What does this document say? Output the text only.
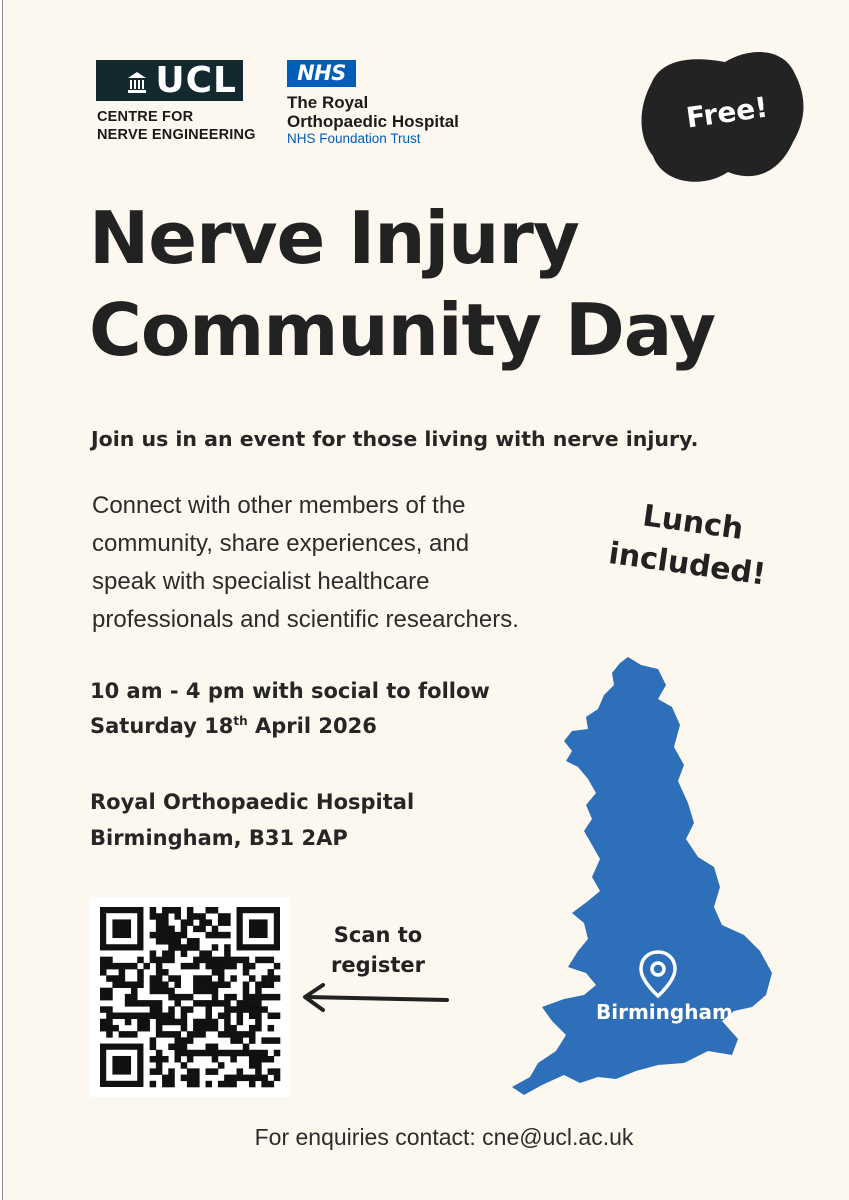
UCL
CENTRE FOR
NERVE ENGINEERING
NHS
The Royal
Orthopaedic Hospital
NHS Foundation Trust
Free!
Nerve Injury
Community Day
Join us in an event for those living with nerve injury.
Connect with other members of the
community, share experiences, and
speak with specialist healthcare
professionals and scientific researchers.
Lunch
included!
10 am - 4 pm with social to follow
Saturday 18th April 2026
Royal Orthopaedic Hospital
Birmingham, B31 2AP
Scan to
register
Birmingham
For enquiries contact: cne@ucl.ac.uk
